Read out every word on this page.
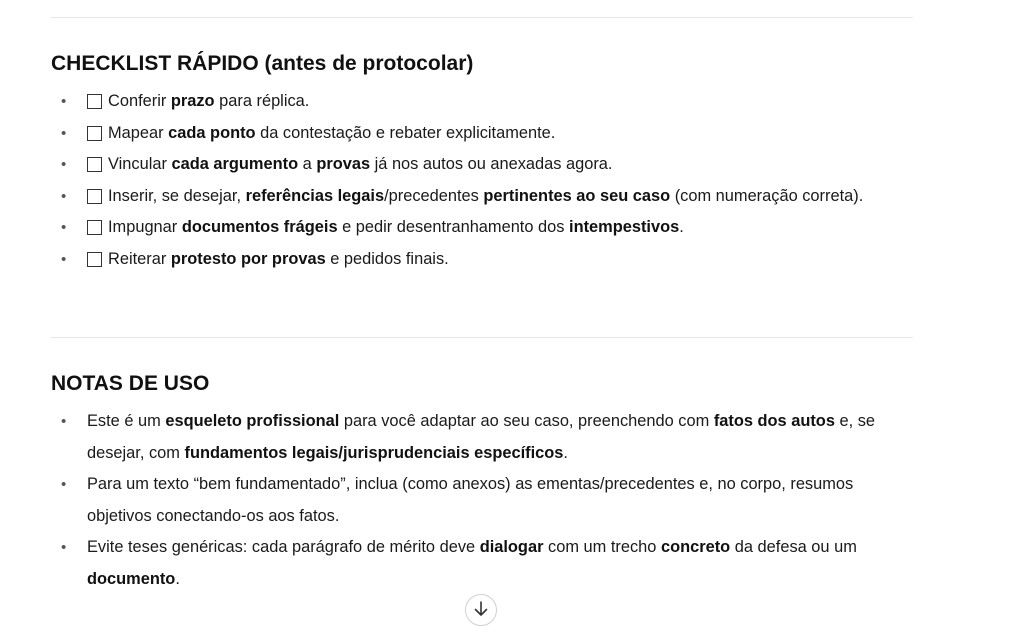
CHECKLIST RÁPIDO (antes de protocolar)
•	Conferir prazo para réplica.
•	Mapear cada ponto da contestação e rebater explicitamente.
•	Vincular cada argumento a provas já nos autos ou anexadas agora.
•	Inserir, se desejar, referências legais/precedentes pertinentes ao seu caso (com numeração correta).
•	Impugnar documentos frágeis e pedir desentranhamento dos intempestivos.
•	Reiterar protesto por provas e pedidos finais.
NOTAS DE USO
• Este é um esqueleto profissional para você adaptar ao seu caso, preenchendo com fatos dos autos e, se desejar, com fundamentos legais/jurisprudenciais específicos.
• Para um texto “bem fundamentado”, inclua (como anexos) as ementas/precedentes e, no corpo, resumos objetivos conectando-os aos fatos.
• Evite teses genéricas: cada parágrafo de mérito deve dialogar com um trecho concreto da defesa ou um documento.
